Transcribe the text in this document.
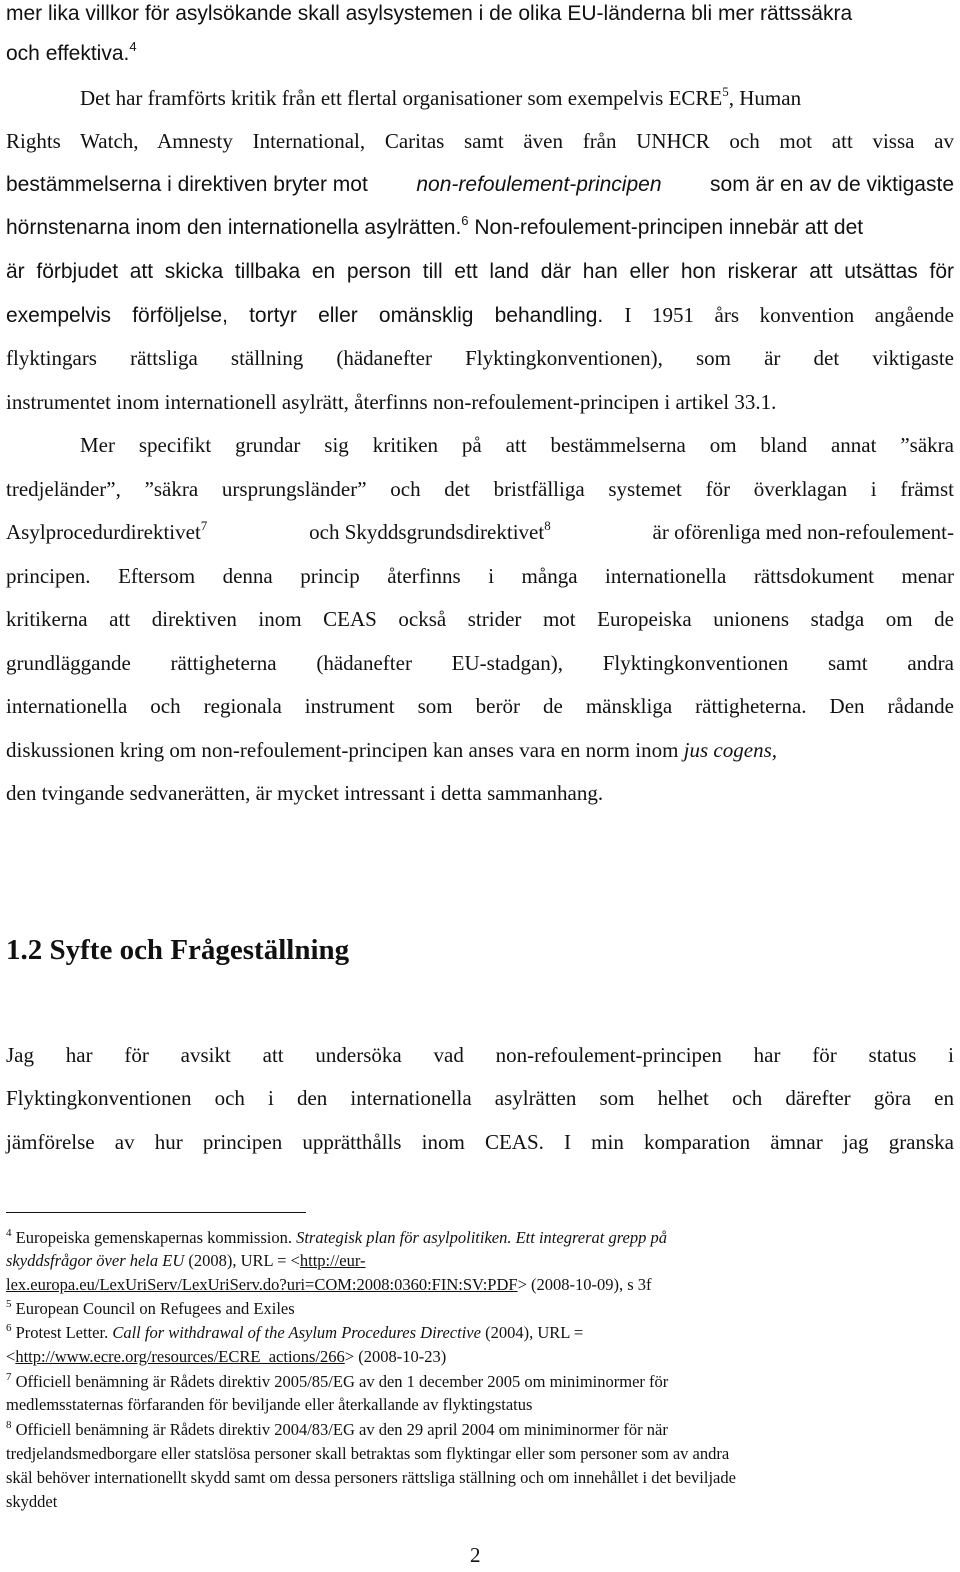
mer lika villkor för asylsökande skall asylsystemen i de olika EU-länderna bli mer rättssäkra
och effektiva.$^4$
Det har framförts kritik från ett flertal organisationer som exempelvis ECRE$^5$, Human
Rights Watch, Amnesty International, Caritas samt även från UNHCR och mot att vissa av
bestämmelserna i direktiven bryter mot non-refoulement-principen som är en av de viktigaste
hörnstenarna inom den internationella asylrätten.$^6$ Non-refoulement-principen innebär att det
är förbjudet att skicka tillbaka en person till ett land där han eller hon riskerar att utsättas för
exempelvis förföljelse, tortyr eller omänsklig behandling. I 1951 års konvention angående
flyktingars rättsliga ställning (hädanefter Flyktingkonventionen), som är det viktigaste
instrumentet inom internationell asylrätt, återfinns non-refoulement-principen i artikel 33.1.
Mer specifikt grundar sig kritiken på att bestämmelserna om bland annat ”säkra
tredjeländer”, ”säkra ursprungsländer” och det bristfälliga systemet för överklagan i främst
Asylprocedurdirektivet$^7$	och Skyddsgrundsdirektivet$^8$	är oförenliga med non-refoulement-
principen. Eftersom denna princip återfinns i många internationella rättsdokument menar
kritikerna att direktiven inom CEAS också strider mot Europeiska unionens stadga om de
grundläggande rättigheterna (hädanefter EU-stadgan), Flyktingkonventionen samt andra
internationella och regionala instrument som berör de mänskliga rättigheterna. Den rådande
diskussionen kring om non-refoulement-principen kan anses vara en norm inom jus cogens,
den tvingande sedvanerätten, är mycket intressant i detta sammanhang.
1.2 Syfte och Frågeställning
Jag har för avsikt att undersöka vad non-refoulement-principen har för status i
Flyktingkonventionen och i den internationella asylrätten som helhet och därefter göra en
jämförelse av hur principen upprätthålls inom CEAS. I min komparation ämnar jag granska
$^4$ Europeiska gemenskapernas kommission. Strategisk plan för asylpolitiken. Ett integrerat grepp på
skyddsfrågor över hela EU (2008), URL = <http://eur-
lex.europa.eu/LexUriServ/LexUriServ.do?uri=COM:2008:0360:FIN:SV:PDF> (2008-10-09), s 3f
$^5$ European Council on Refugees and Exiles
$^6$ Protest Letter. Call for withdrawal of the Asylum Procedures Directive (2004), URL =
<http://www.ecre.org/resources/ECRE_actions/266> (2008-10-23)
$^7$ Officiell benämning är Rådets direktiv 2005/85/EG av den 1 december 2005 om miniminormer för
medlemsstaternas förfaranden för beviljande eller återkallande av flyktingstatus
$^8$ Officiell benämning är Rådets direktiv 2004/83/EG av den 29 april 2004 om miniminormer för när
tredjelandsmedborgare eller statslösa personer skall betraktas som flyktingar eller som personer som av andra
skäl behöver internationellt skydd samt om dessa personers rättsliga ställning och om innehållet i det beviljade
skyddet
2
